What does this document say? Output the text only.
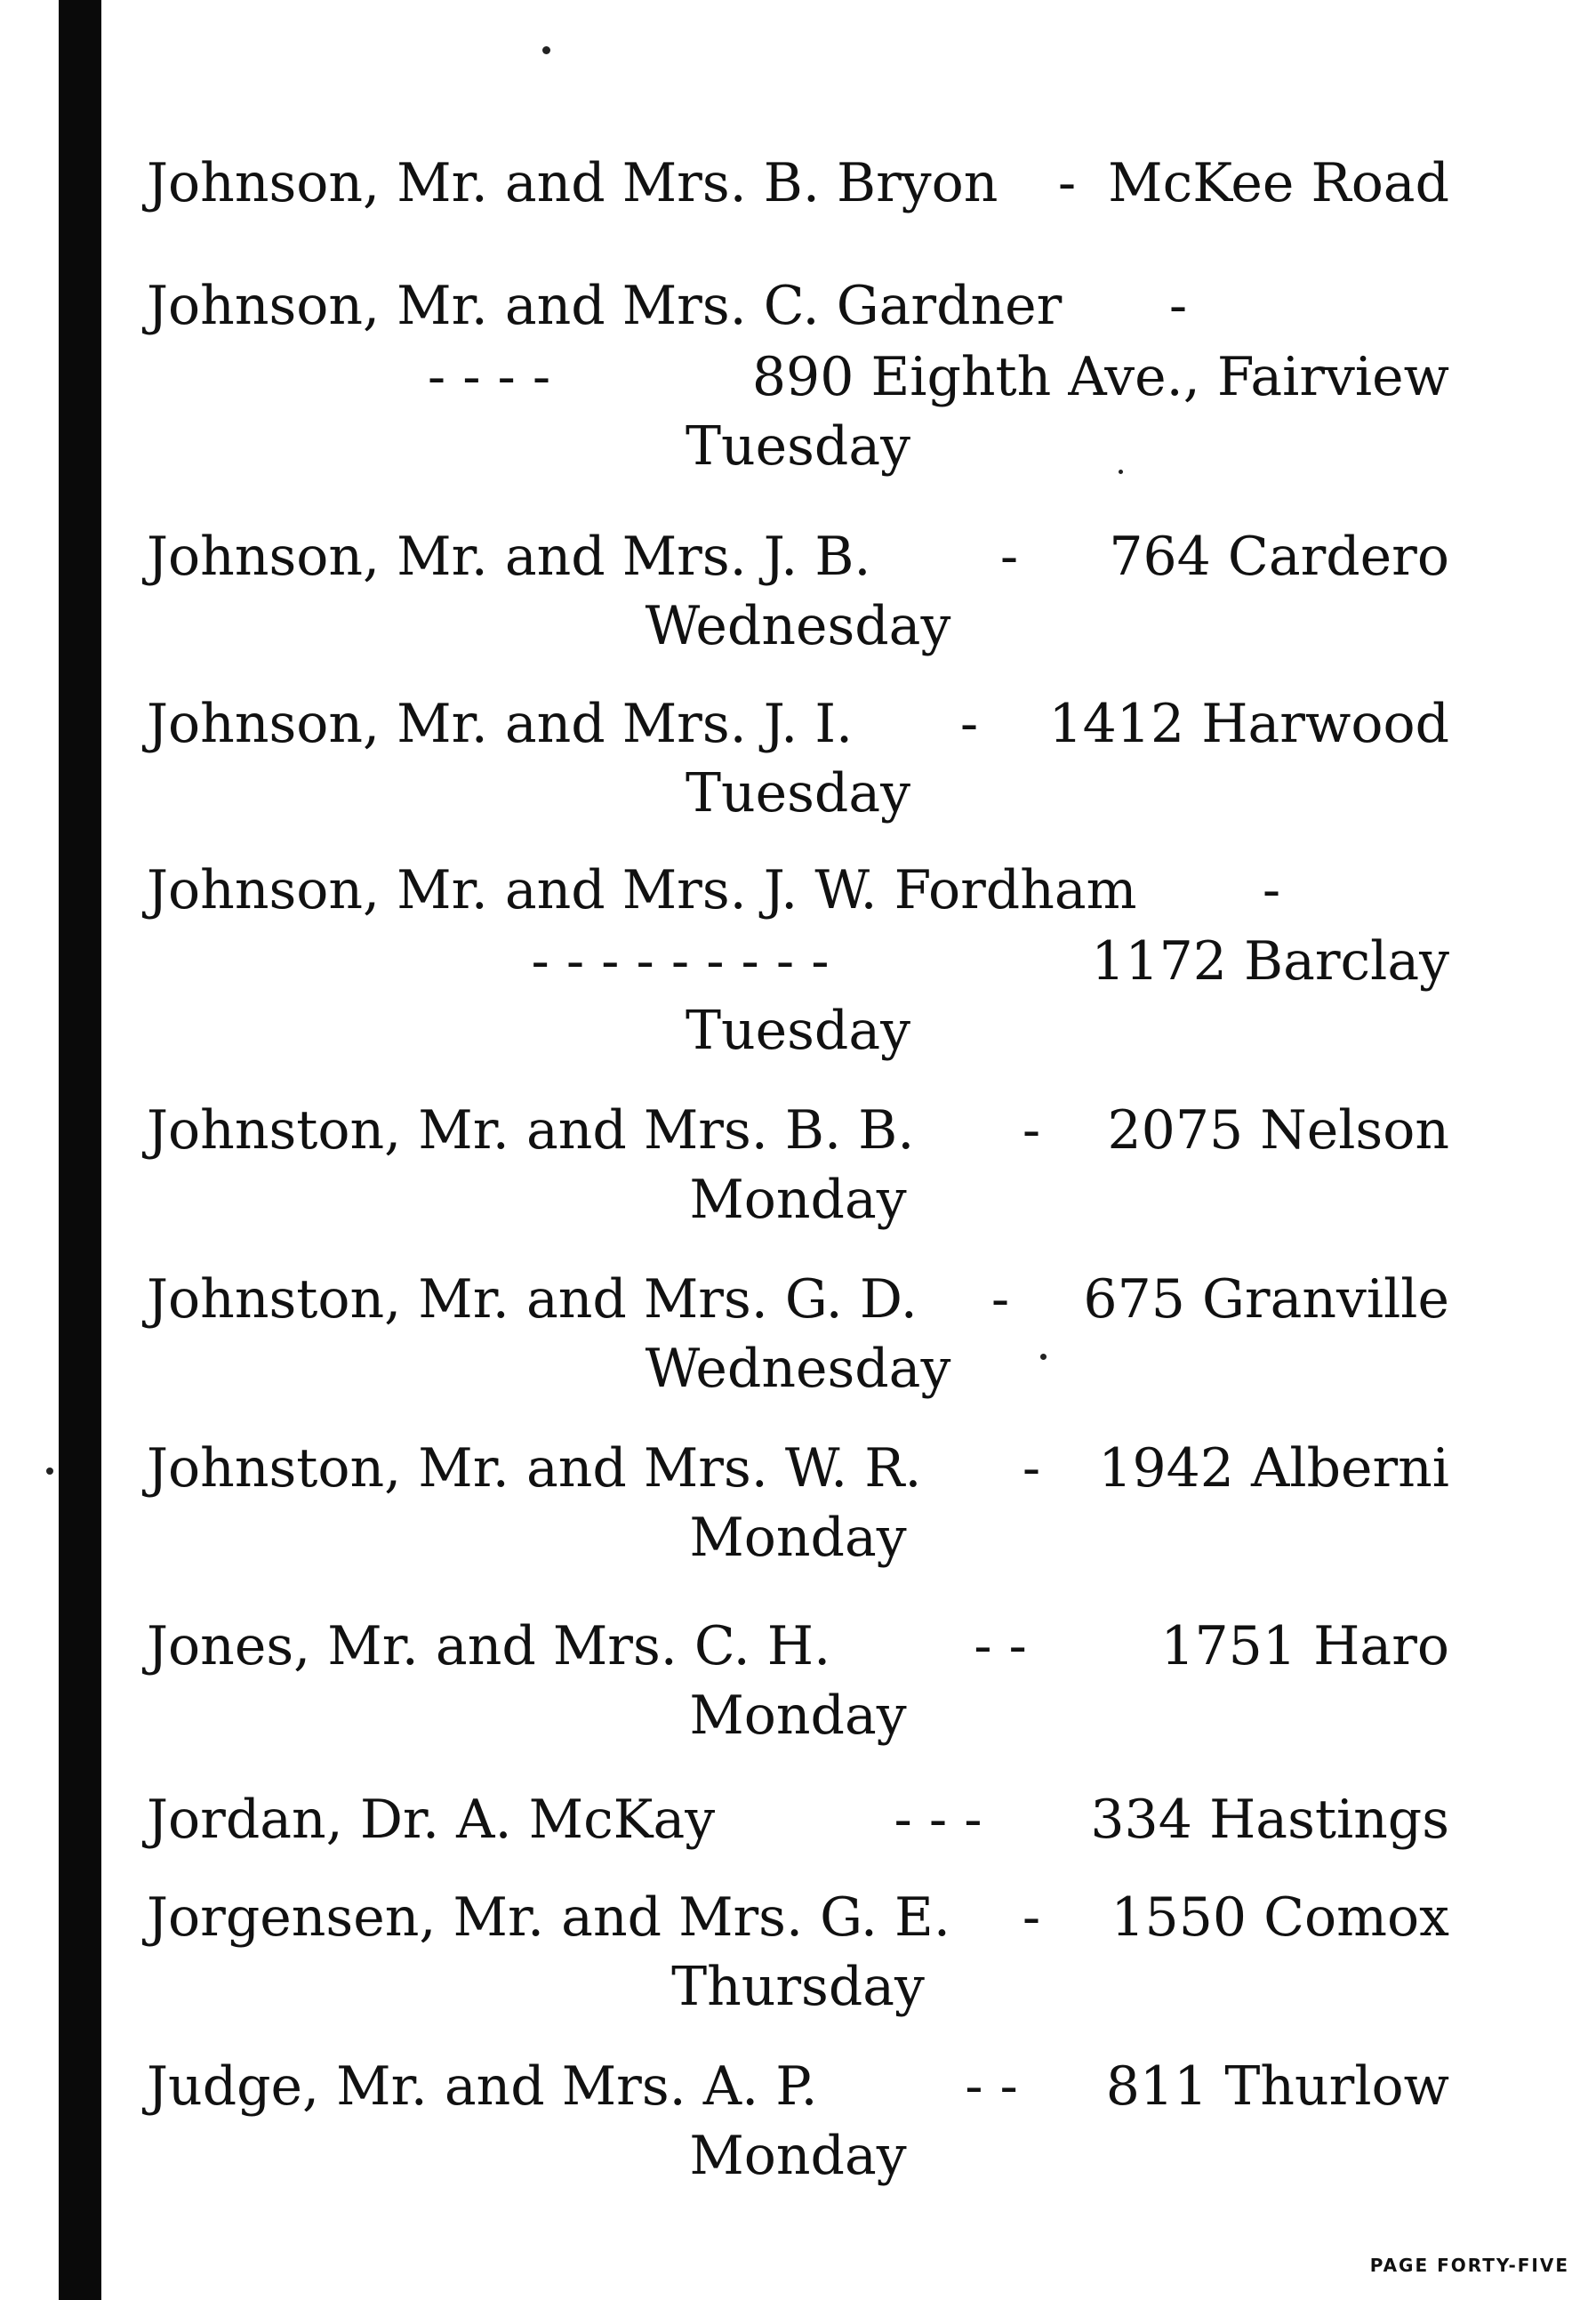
Johnson, Mr. and Mrs. B. Bryon	- McKee Road
Johnson, Mr. and Mrs. C. Gardner	-
- - - -	890 Eighth Ave., Fairview
Tuesday
Johnson, Mr. and Mrs. J. B.	-	764 Cardero
Wednesday
Johnson, Mr. and Mrs. J. I.	-	1412 Harwood
Tuesday
Johnson, Mr. and Mrs. J. W. Fordham	-
- - - - - - - - -	1172 Barclay
Tuesday
Johnston, Mr. and Mrs. B. B.	-	2075 Nelson
Monday
Johnston, Mr. and Mrs. G. D.	-	675 Granville
Wednesday
Johnston, Mr. and Mrs. W. R.	-	1942 Alberni
Monday
Jones, Mr. and Mrs. C. H.	- -	1751 Haro
Monday
Jordan, Dr. A. McKay	- - -	334 Hastings
Jorgensen, Mr. and Mrs. G. E.	-	1550 Comox
Thursday
Judge, Mr. and Mrs. A. P.	- -	811 Thurlow
Monday
PAGE FORTY-FIVE
